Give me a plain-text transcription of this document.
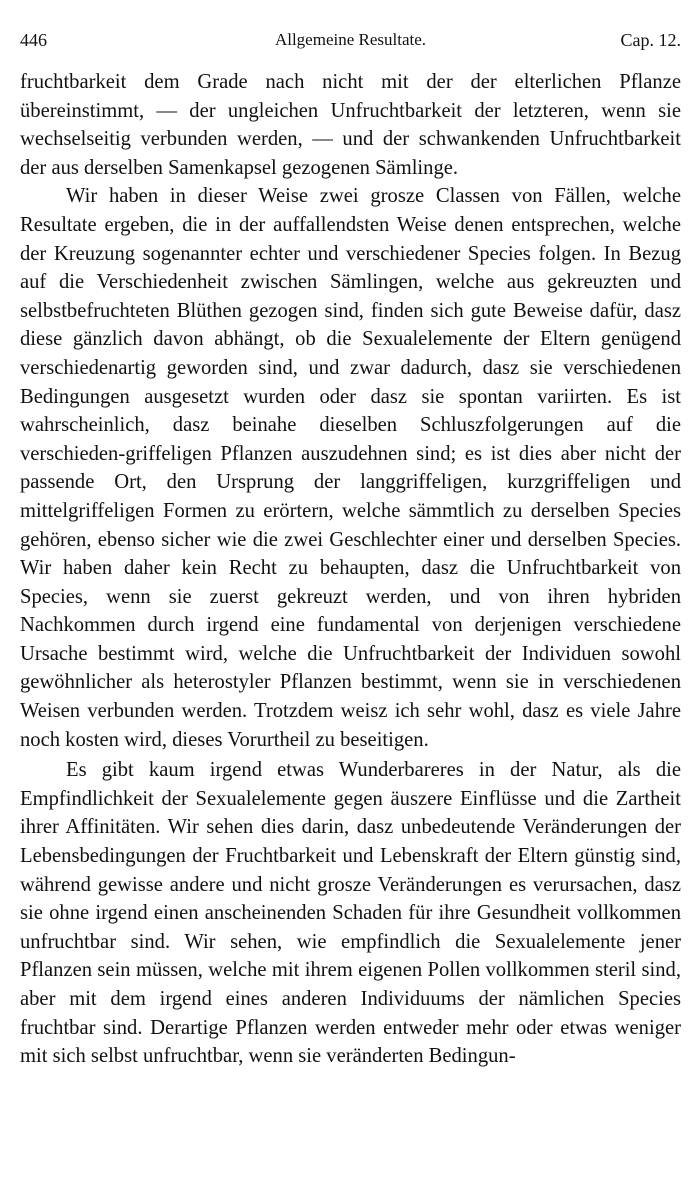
446	Allgemeine Resultate.	Cap. 12.

fruchtbarkeit dem Grade nach nicht mit der der elterlichen Pflanze übereinstimmt, — der ungleichen Unfruchtbarkeit der letzteren, wenn sie wechselseitig verbunden werden, — und der schwankenden Unfruchtbarkeit der aus derselben Samenkapsel gezogenen Sämlinge.

Wir haben in dieser Weise zwei grosze Classen von Fällen, welche Resultate ergeben, die in der auffallendsten Weise denen entsprechen, welche der Kreuzung sogenannter echter und verschiedener Species folgen. In Bezug auf die Verschiedenheit zwischen Sämlingen, welche aus gekreuzten und selbstbefruchteten Blüthen gezogen sind, finden sich gute Beweise dafür, dasz diese gänzlich davon abhängt, ob die Sexualelemente der Eltern genügend verschiedenartig geworden sind, und zwar dadurch, dasz sie verschiedenen Bedingungen ausgesetzt wurden oder dasz sie spontan variirten. Es ist wahrscheinlich, dasz beinahe dieselben Schluszfolgerungen auf die verschieden-griffeligen Pflanzen auszudehnen sind; es ist dies aber nicht der passende Ort, den Ursprung der langgriffeligen, kurzgriffeligen und mittelgriffeligen Formen zu erörtern, welche sämmtlich zu derselben Species gehören, ebenso sicher wie die zwei Geschlechter einer und derselben Species. Wir haben daher kein Recht zu behaupten, dasz die Unfruchtbarkeit von Species, wenn sie zuerst gekreuzt werden, und von ihren hybriden Nachkommen durch irgend eine fundamental von derjenigen verschiedene Ursache bestimmt wird, welche die Unfruchtbarkeit der Individuen sowohl gewöhnlicher als heterostyler Pflanzen bestimmt, wenn sie in verschiedenen Weisen verbunden werden. Trotzdem weisz ich sehr wohl, dasz es viele Jahre noch kosten wird, dieses Vorurtheil zu beseitigen.

Es gibt kaum irgend etwas Wunderbareres in der Natur, als die Empfindlichkeit der Sexualelemente gegen äuszere Einflüsse und die Zartheit ihrer Affinitäten. Wir sehen dies darin, dasz unbedeutende Veränderungen der Lebensbedingungen der Fruchtbarkeit und Lebenskraft der Eltern günstig sind, während gewisse andere und nicht grosze Veränderungen es verursachen, dasz sie ohne irgend einen anscheinenden Schaden für ihre Gesundheit vollkommen unfruchtbar sind. Wir sehen, wie empfindlich die Sexualelemente jener Pflanzen sein müssen, welche mit ihrem eigenen Pollen vollkommen steril sind, aber mit dem irgend eines anderen Individuums der nämlichen Species fruchtbar sind. Derartige Pflanzen werden entweder mehr oder etwas weniger mit sich selbst unfruchtbar, wenn sie veränderten Bedingun-
